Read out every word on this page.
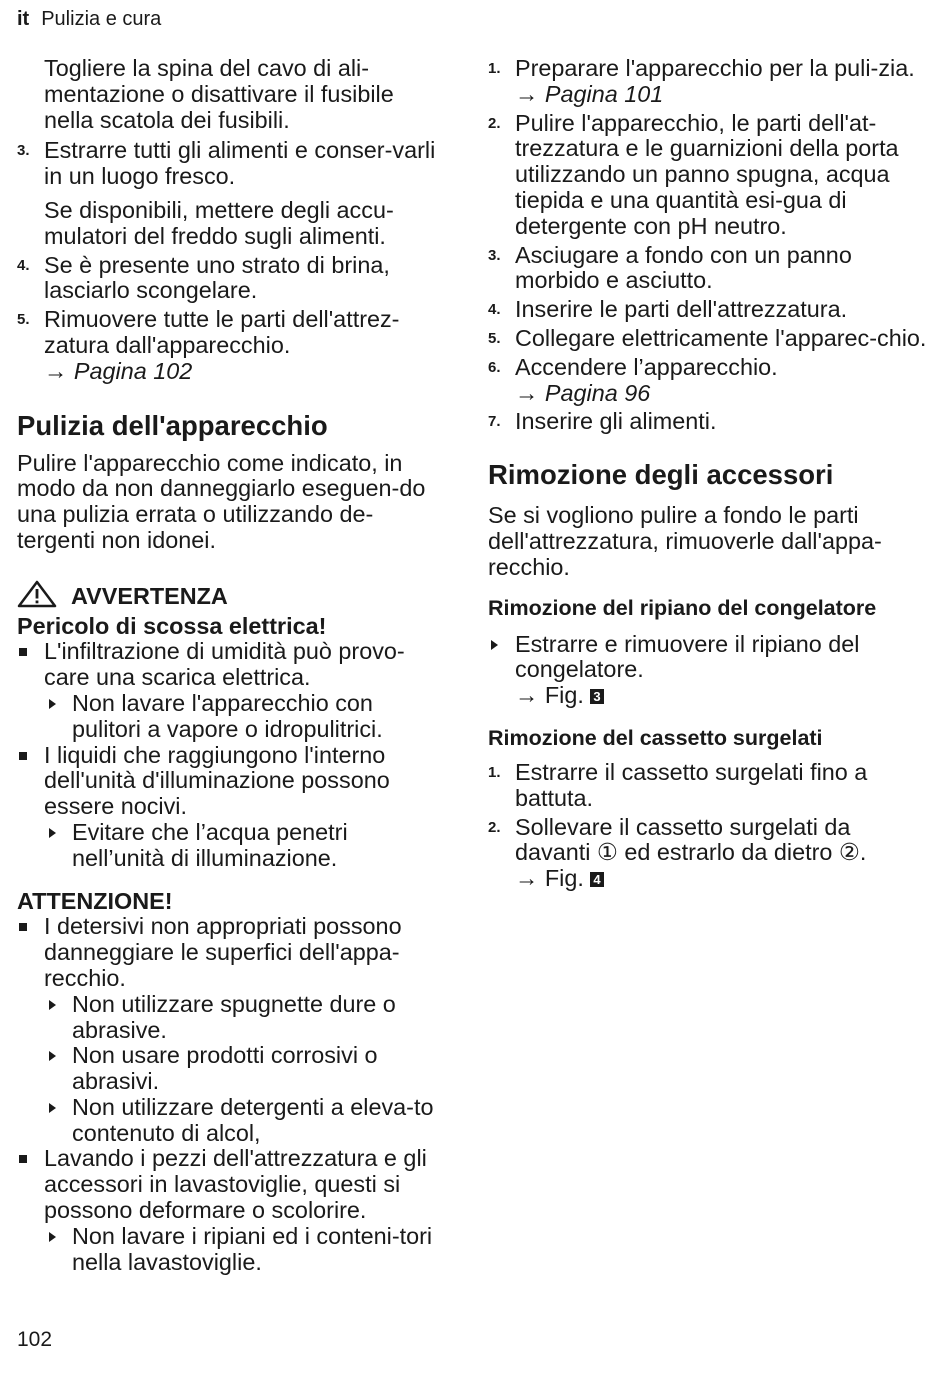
it Pulizia e cura

Togliere la spina del cavo di ali-mentazione o disattivare il fusibile nella scatola dei fusibili.

3. Estrarre tutti gli alimenti e conser-varli in un luogo fresco.

Se disponibili, mettere degli accu-mulatori del freddo sugli alimenti.

4. Se è presente uno strato di brina, lasciarlo scongelare.

5. Rimuovere tutte le parti dell'attrez-zatura dall'apparecchio.

→ Pagina 102

Pulizia dell'apparecchio

Pulire l'apparecchio come indicato, in modo da non danneggiarlo eseguen-do una pulizia errata o utilizzando de-tergenti non idonei.

AVVERTENZA

Pericolo di scossa elettrica!

L'infiltrazione di umidità può provo-care una scarica elettrica.

Non lavare l'apparecchio con pulitori a vapore o idropulitrici.

I liquidi che raggiungono l'interno dell'unità d'illuminazione possono essere nocivi.

Evitare che l’acqua penetri nell’unità di illuminazione.

ATTENZIONE!

I detersivi non appropriati possono danneggiare le superfici dell'appa-recchio.

Non utilizzare spugnette dure o abrasive.

Non usare prodotti corrosivi o abrasivi.

Non utilizzare detergenti a eleva-to contenuto di alcol,

Lavando i pezzi dell'attrezzatura e gli accessori in lavastoviglie, questi si possono deformare o scolorire.

Non lavare i ripiani ed i conteni-tori nella lavastoviglie.

1. Preparare l'apparecchio per la puli-zia. → Pagina 101

2. Pulire l'apparecchio, le parti dell'at-trezzatura e le guarnizioni della porta utilizzando un panno spugna, acqua tiepida e una quantità esi-gua di detergente con pH neutro.

3. Asciugare a fondo con un panno morbido e asciutto.

4. Inserire le parti dell'attrezzatura.

5. Collegare elettricamente l'apparec-chio.

6. Accendere l’apparecchio.

→ Pagina 96

7. Inserire gli alimenti.

Rimozione degli accessori

Se si vogliono pulire a fondo le parti dell'attrezzatura, rimuoverle dall'appa-recchio.

Rimozione del ripiano del congelatore

Estrarre e rimuovere il ripiano del congelatore.

→ Fig. 3

Rimozione del cassetto surgelati
1. Estrarre il cassetto surgelati fino a battuta.

2. Sollevare il cassetto surgelati da davanti ① ed estrarlo da dietro ②.

→ Fig. 4

102
